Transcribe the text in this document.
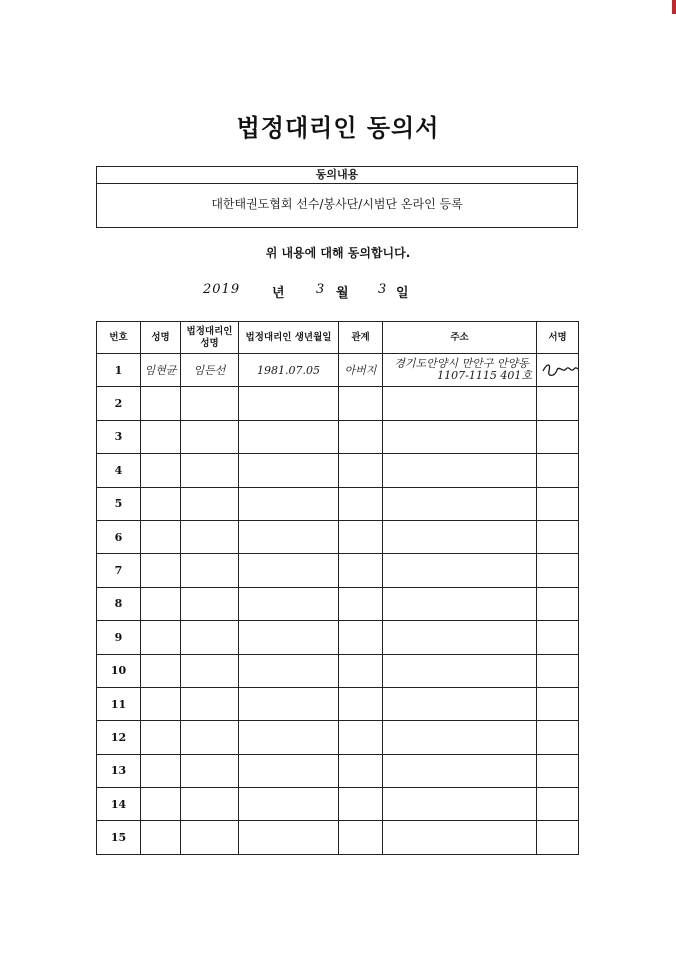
법정대리인 동의서
동의내용
대한태권도협회 선수/봉사단/시범단 온라인 등록
위 내용에 대해 동의합니다.
2019 년 3 월 3 일
번호	성명	법정대리인 성명	법정대리인 생년월일	관계	주소	서명
1	임현균	임든선	1981.07.05	아버지	경기도안양시 만안구 안양동
1107-1115 401호

2						
3						
4						
5						
6						
7						
8						
9						
10						
11						
12						
13						
14						
15						
